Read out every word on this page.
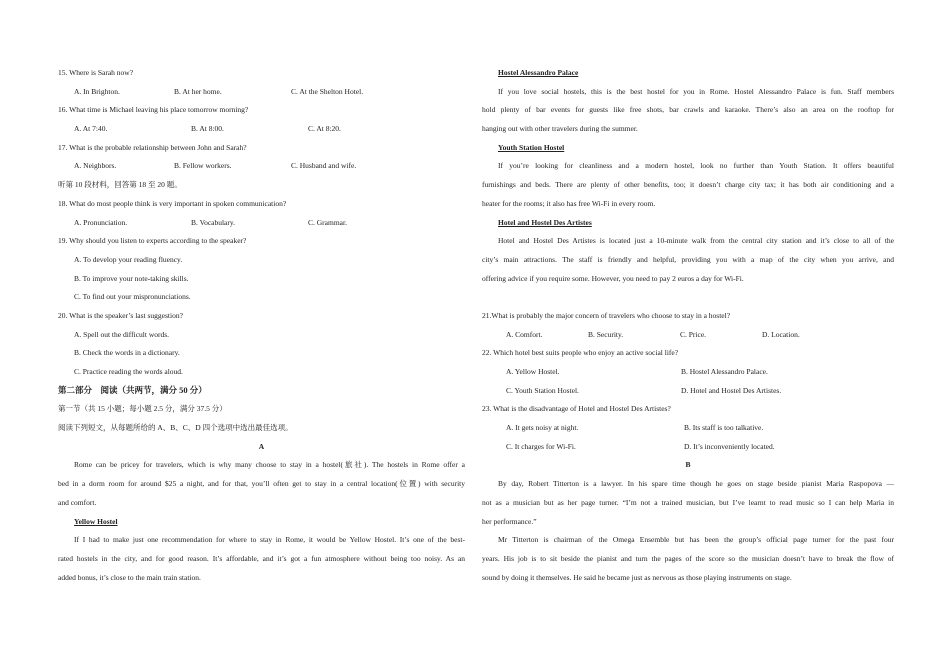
15. Where is Sarah now?
A. In Brighton.	B. At her home.	C. At the Shelton Hotel.
16. What time is Michael leaving his place tomorrow morning?
A. At 7:40.	B. At 8:00.	C. At 8:20.
17. What is the probable relationship between John and Sarah?
A. Neighbors.	B. Fellow workers.	C. Husband and wife.
听第 10 段材料，回答第 18 至 20 题。
18. What do most people think is very important in spoken communication?
A. Pronunciation.	B. Vocabulary.	C. Grammar.
19. Why should you listen to experts according to the speaker?
A. To develop your reading fluency.
B. To improve your note-taking skills.
C. To find out your mispronunciations.
20. What is the speaker’s last suggestion?
A. Spell out the difficult words.
B. Check the words in a dictionary.
C. Practice reading the words aloud.
第二部分　阅读（共两节，满分 50 分）
第一节（共 15 小题；每小题 2.5 分，满分 37.5 分）
阅读下列短文，从每题所给的 A、B、C、D 四个选项中选出最佳选项。
A
Rome can be pricey for travelers, which is why many choose to stay in a hostel(旅社). The hostels in Rome offer a
bed in a dorm room for around $25 a night, and for that, you’ll often get to stay in a central location(位置) with security
and comfort.
Yellow Hostel
If I had to make just one recommendation for where to stay in Rome, it would be Yellow Hostel. It’s one of the best-
rated hostels in the city, and for good reason. It’s affordable, and it’s got a fun atmosphere without being too noisy. As an
added bonus, it’s close to the main train station.
Hostel Alessandro Palace
If you love social hostels, this is the best hostel for you in Rome. Hostel Alessandro Palace is fun. Staff members
hold plenty of bar events for guests like free shots, bar crawls and karaoke. There’s also an area on the rooftop for
hanging out with other travelers during the summer.
Youth Station Hostel
If you’re looking for cleanliness and a modern hostel, look no further than Youth Station. It offers beautiful
furnishings and beds. There are plenty of other benefits, too; it doesn’t charge city tax; it has both air conditioning and a
heater for the rooms; it also has free Wi-Fi in every room.
Hotel and Hostel Des Artistes
Hotel and Hostel Des Artistes is located just a 10-minute walk from the central city station and it’s close to all of the
city’s main attractions. The staff is friendly and helpful, providing you with a map of the city when you arrive, and
offering advice if you require some. However, you need to pay 2 euros a day for Wi-Fi.
21.What is probably the major concern of travelers who choose to stay in a hostel?
A. Comfort.	B. Security.	C. Price.	D. Location.
22. Which hotel best suits people who enjoy an active social life?
A. Yellow Hostel.	B. Hostel Alessandro Palace.
C. Youth Station Hostel.	D. Hotel and Hostel Des Artistes.
23. What is the disadvantage of Hotel and Hostel Des Artistes?
A. It gets noisy at night.	B. Its staff is too talkative.
C. It charges for Wi-Fi.	D. It’s inconveniently located.
B
By day, Robert Titterton is a lawyer. In his spare time though he goes on stage beside pianist Maria Raspopova —
not as a musician but as her page turner. “I’m not a trained musician, but I’ve learnt to read music so I can help Maria in
her performance.”
Mr Titterton is chairman of the Omega Ensemble but has been the group’s official page turner for the past four
years. His job is to sit beside the pianist and turn the pages of the score so the musician doesn’t have to break the flow of
sound by doing it themselves. He said he became just as nervous as those playing instruments on stage.
